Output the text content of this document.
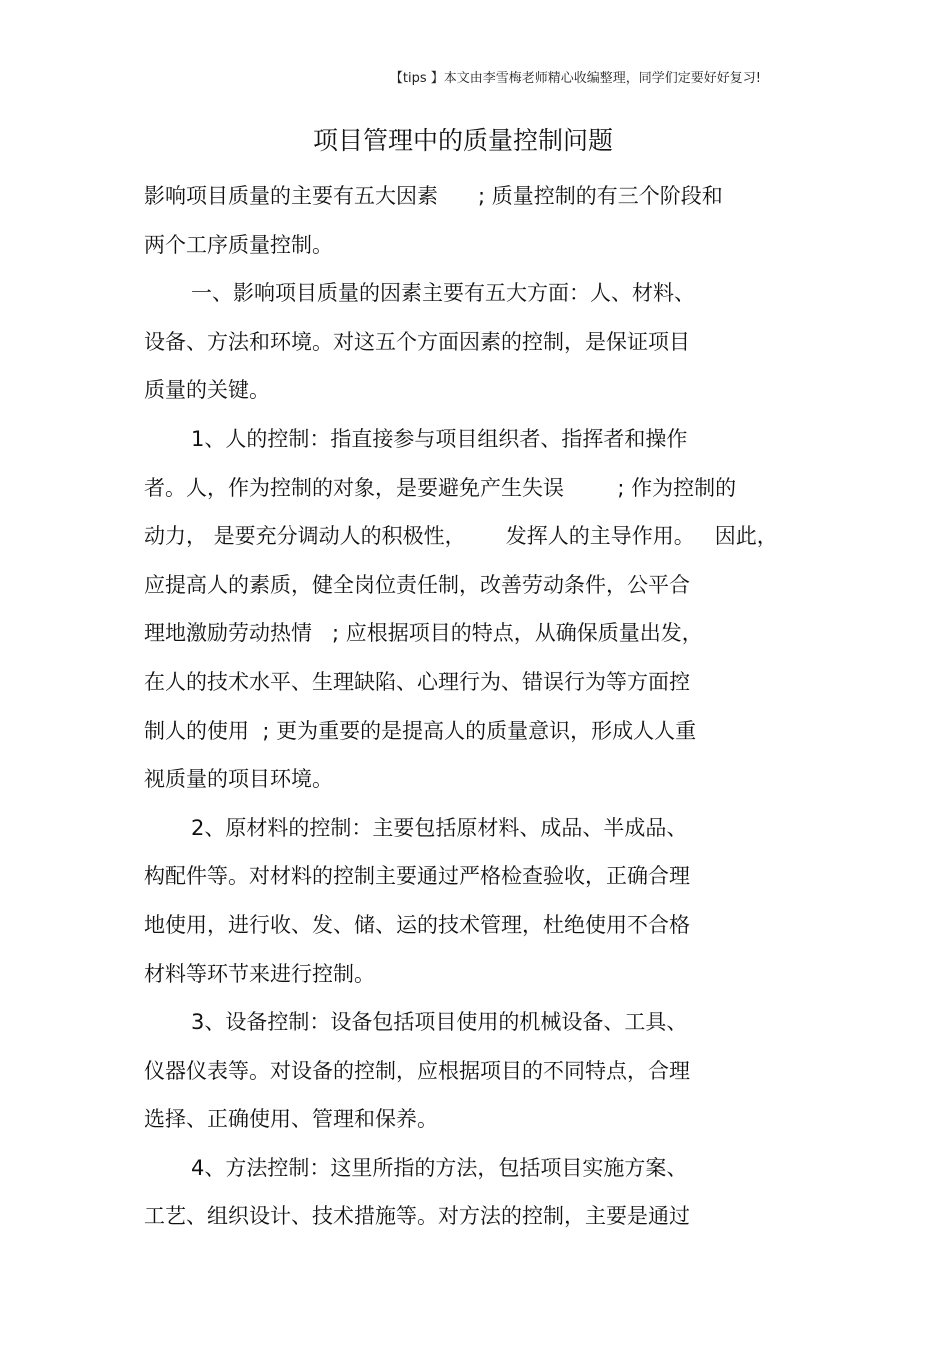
【tips 】本文由李雪梅老师精心收编整理，同学们定要好好复习!
项目管理中的质量控制问题
影响项目质量的主要有五大因素      ; 质量控制的有三个阶段和
两个工序质量控制。
一、影响项目质量的因素主要有五大方面：人、材料、
设备、方法和环境。对这五个方面因素的控制，是保证项目
质量的关键。
1、人的控制：指直接参与项目组织者、指挥者和操作
者。人，作为控制的对象，是要避免产生失误        ; 作为控制的
动力， 是要充分调动人的积极性，      发挥人的主导作用。   因此，
应提高人的素质，健全岗位责任制，改善劳动条件，公平合
理地激励劳动热情   ; 应根据项目的特点，从确保质量出发，
在人的技术水平、生理缺陷、心理行为、错误行为等方面控
制人的使用  ; 更为重要的是提高人的质量意识，形成人人重
视质量的项目环境。
2、原材料的控制：主要包括原材料、成品、半成品、
构配件等。对材料的控制主要通过严格检查验收，正确合理
地使用，进行收、发、储、运的技术管理，杜绝使用不合格
材料等环节来进行控制。
3、设备控制：设备包括项目使用的机械设备、工具、
仪器仪表等。对设备的控制，应根据项目的不同特点，合理
选择、正确使用、管理和保养。
4、方法控制：这里所指的方法，包括项目实施方案、
工艺、组织设计、技术措施等。对方法的控制，主要是通过
